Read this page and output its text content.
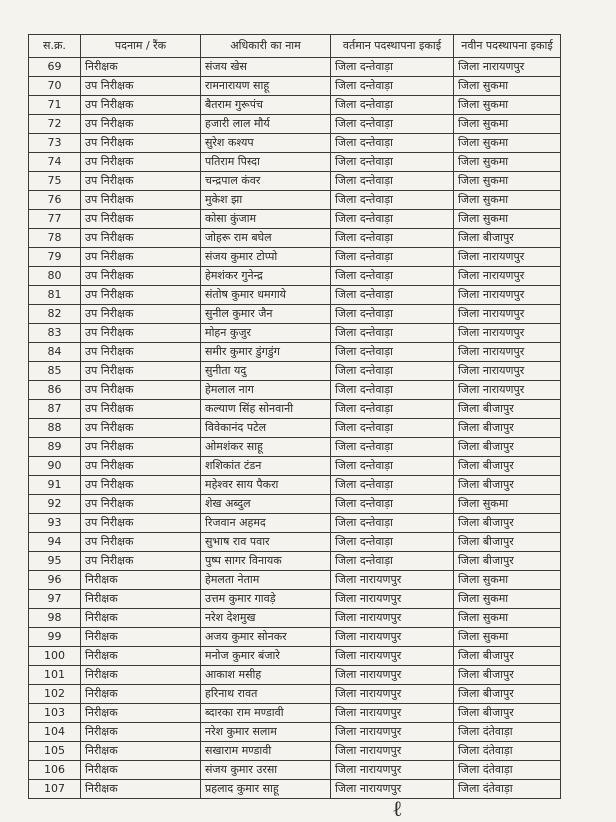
स.क्र.	पदनाम / रैंक	अधिकारी का नाम	वर्तमान पदस्थापना इकाई	नवीन पदस्थापना इकाई
69	निरीक्षक	संजय खेस	जिला दन्तेवाड़ा	जिला नारायणपुर
70	उप निरीक्षक	रामनारायण साहू	जिला दन्तेवाड़ा	जिला सुकमा
71	उप निरीक्षक	बैतराम गुरूपंच	जिला दन्तेवाड़ा	जिला सुकमा
72	उप निरीक्षक	हजारी लाल मौर्य	जिला दन्तेवाड़ा	जिला सुकमा
73	उप निरीक्षक	सुरेश कश्यप	जिला दन्तेवाड़ा	जिला सुकमा
74	उप निरीक्षक	पतिराम पिस्दा	जिला दन्तेवाड़ा	जिला सुकमा
75	उप निरीक्षक	चन्द्रपाल कंवर	जिला दन्तेवाड़ा	जिला सुकमा
76	उप निरीक्षक	मुकेश झा	जिला दन्तेवाड़ा	जिला सुकमा
77	उप निरीक्षक	कोसा कुंजाम	जिला दन्तेवाड़ा	जिला सुकमा
78	उप निरीक्षक	जोहरू राम बघेल	जिला दन्तेवाड़ा	जिला बीजापुर
79	उप निरीक्षक	संजय कुमार टोप्पो	जिला दन्तेवाड़ा	जिला नारायणपुर
80	उप निरीक्षक	हेमशंकर गुनेन्द्र	जिला दन्तेवाड़ा	जिला नारायणपुर
81	उप निरीक्षक	संतोष कुमार धमगाये	जिला दन्तेवाड़ा	जिला नारायणपुर
82	उप निरीक्षक	सुनील कुमार जैन	जिला दन्तेवाड़ा	जिला नारायणपुर
83	उप निरीक्षक	मोहन कुजुर	जिला दन्तेवाड़ा	जिला नारायणपुर
84	उप निरीक्षक	समीर कुमार डुंगडुंग	जिला दन्तेवाड़ा	जिला नारायणपुर
85	उप निरीक्षक	सुनीता यदु	जिला दन्तेवाड़ा	जिला नारायणपुर
86	उप निरीक्षक	हेमलाल नाग	जिला दन्तेवाड़ा	जिला नारायणपुर
87	उप निरीक्षक	कल्याण सिंह सोनवानी	जिला दन्तेवाड़ा	जिला बीजापुर
88	उप निरीक्षक	विवेकानंद पटेल	जिला दन्तेवाड़ा	जिला बीजापुर
89	उप निरीक्षक	ओमशंकर साहू	जिला दन्तेवाड़ा	जिला बीजापुर
90	उप निरीक्षक	शशिकांत टंडन	जिला दन्तेवाड़ा	जिला बीजापुर
91	उप निरीक्षक	महेश्वर साय पैकरा	जिला दन्तेवाड़ा	जिला बीजापुर
92	उप निरीक्षक	शेख अब्दुल	जिला दन्तेवाड़ा	जिला सुकमा
93	उप निरीक्षक	रिजवान अहमद	जिला दन्तेवाड़ा	जिला बीजापुर
94	उप निरीक्षक	सुभाष राव पवार	जिला दन्तेवाड़ा	जिला बीजापुर
95	उप निरीक्षक	पुष्प सागर विनायक	जिला दन्तेवाड़ा	जिला बीजापुर
96	निरीक्षक	हेमलता नेताम	जिला नारायणपुर	जिला सुकमा
97	निरीक्षक	उत्तम कुमार गावड़े	जिला नारायणपुर	जिला सुकमा
98	निरीक्षक	नरेश देशमुख	जिला नारायणपुर	जिला सुकमा
99	निरीक्षक	अजय कुमार सोनकर	जिला नारायणपुर	जिला सुकमा
100	निरीक्षक	मनोज कुमार बंजारे	जिला नारायणपुर	जिला बीजापुर
101	निरीक्षक	आकाश मसीह	जिला नारायणपुर	जिला बीजापुर
102	निरीक्षक	हरिनाथ रावत	जिला नारायणपुर	जिला बीजापुर
103	निरीक्षक	ब्दारका राम मण्डावी	जिला नारायणपुर	जिला बीजापुर
104	निरीक्षक	नरेश कुमार सलाम	जिला नारायणपुर	जिला दंतेवाड़ा
105	निरीक्षक	सखाराम मण्डावी	जिला नारायणपुर	जिला दंतेवाड़ा
106	निरीक्षक	संजय कुमार उरसा	जिला नारायणपुर	जिला दंतेवाड़ा
107	निरीक्षक	प्रहलाद कुमार साहू	जिला नारायणपुर	जिला दंतेवाड़ा
ℓ
